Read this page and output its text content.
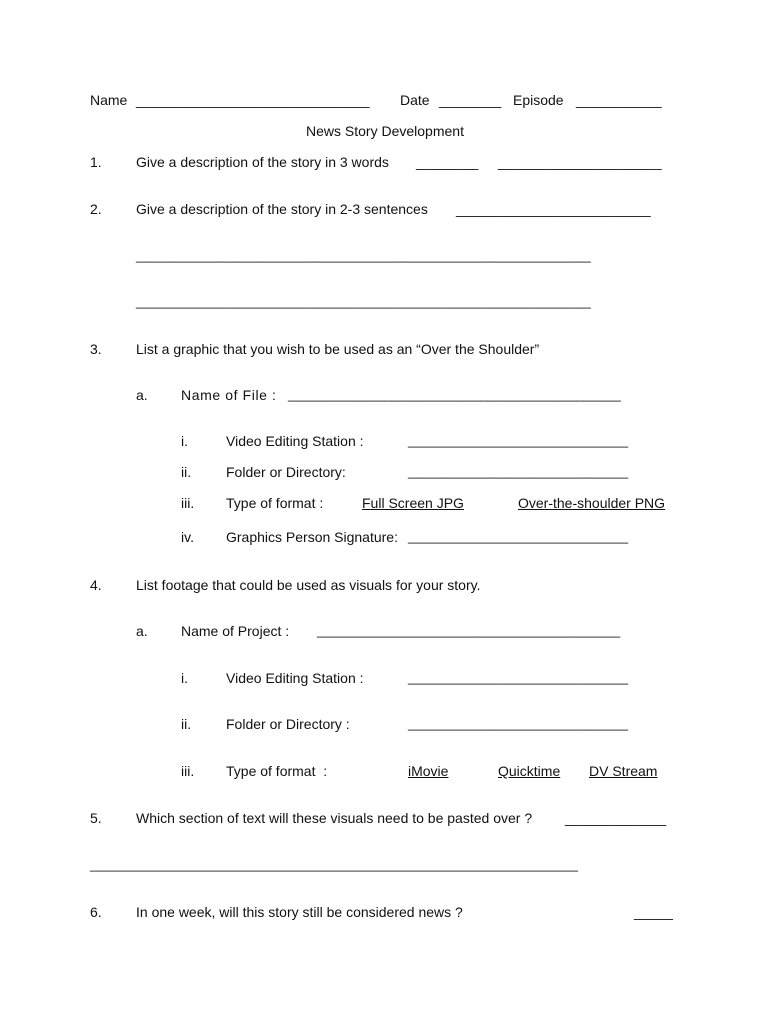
Name ______________________________ Date ________ Episode ___________
News Story Development
1. Give a description of the story in 3 words ________ _____________________
2. Give a description of the story in 2-3 sentences _________________________
______________________________________________________________
______________________________________________________________
3. List a graphic that you wish to be used as an “Over the Shoulder”
a. Name of File : _____________________________________________
i.	Video Editing Station :	______________________________
ii. Folder or Directory:	______________________________
iii. Type of format :	Full Screen JPG	Over-the-shoulder PNG
iv. Graphics Person Signature: ______________________________
4. List footage that could be used as visuals for your story.
a. Name of Project : _________________________________________
i.	Video Editing Station :	______________________________
ii. Folder or Directory :	______________________________
iii. Type of format  :	iMovie	Quicktime DV Stream
5. Which section of text will these visuals need to be pasted over ? _____________
___________________________________________________________________
6. In one week, will this story still be considered news ?	_____
